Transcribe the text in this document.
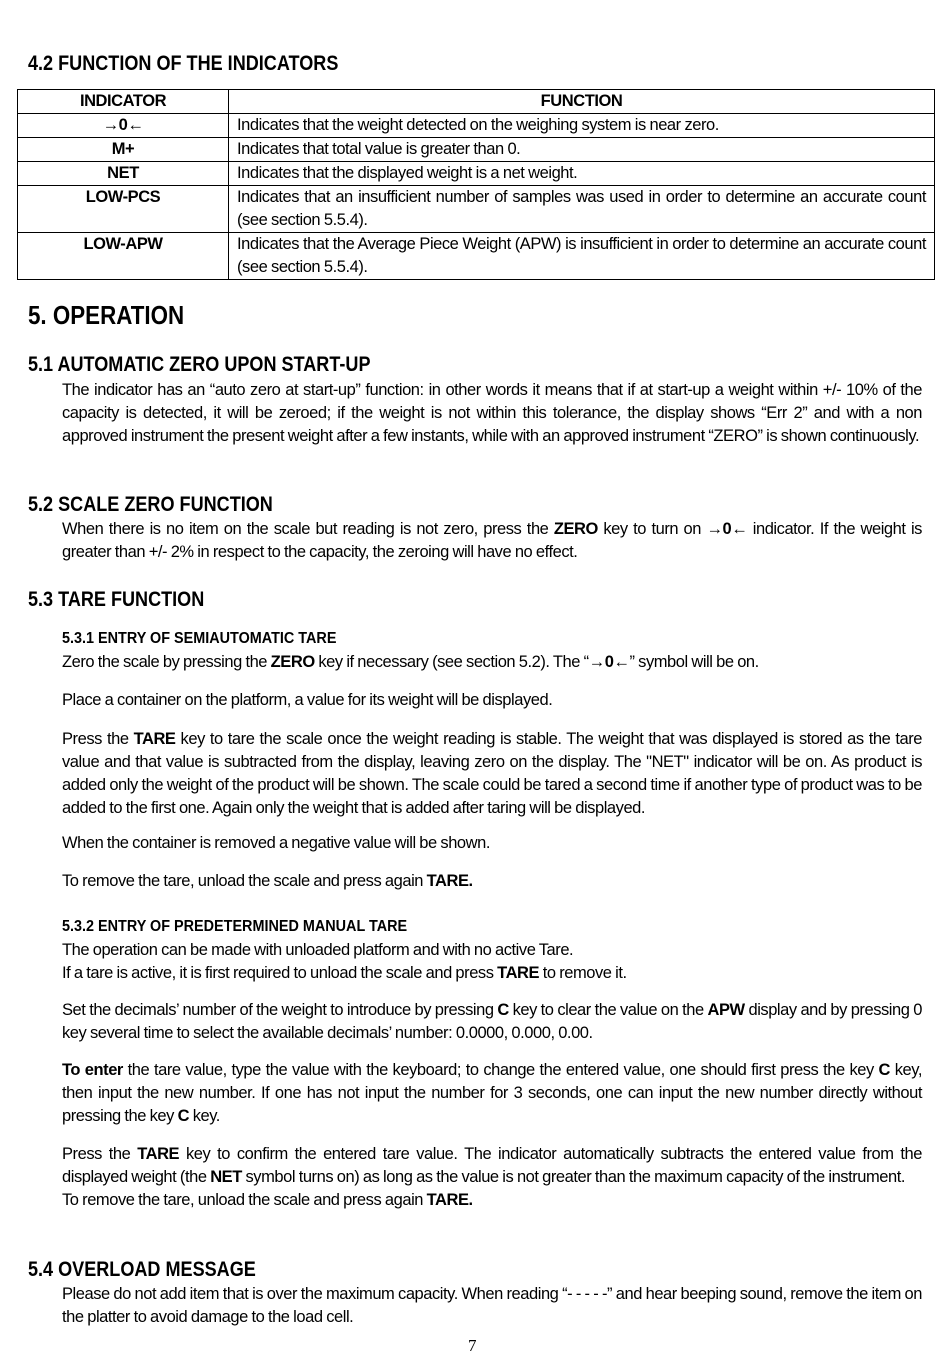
4.2 FUNCTION OF THE INDICATORS
INDICATOR	FUNCTION
→0←	Indicates that the weight detected on the weighing system is near zero.
M+	Indicates that total value is greater than 0.
NET	Indicates that the displayed weight is a net weight.
LOW-PCS	Indicates that an insufficient number of samples was used in order to determine an accurate count (see section 5.5.4).
LOW-APW	Indicates that the Average Piece Weight (APW) is insufficient in order to determine an accurate count (see section 5.5.4).
5. OPERATION
5.1 AUTOMATIC ZERO UPON START-UP
The indicator has an “auto zero at start-up” function: in other words it means that if at start-up a weight within +/- 10% of the capacity is detected, it will be zeroed; if the weight is not within this tolerance, the display shows “Err 2” and with a non approved instrument the present weight after a few instants, while with an approved instrument “ZERO” is shown continuously.
5.2 SCALE ZERO FUNCTION
When there is no item on the scale but reading is not zero, press the ZERO key to turn on →0← indicator. If the weight is greater than +/- 2% in respect to the capacity, the zeroing will have no effect.
5.3 TARE FUNCTION
5.3.1 ENTRY OF SEMIAUTOMATIC TARE
Zero the scale by pressing the ZERO key if necessary (see section 5.2). The “→0←” symbol will be on.
Place a container on the platform, a value for its weight will be displayed.
Press the TARE key to tare the scale once the weight reading is stable. The weight that was displayed is stored as the tare value and that value is subtracted from the display, leaving zero on the display. The "NET" indicator will be on. As product is added only the weight of the product will be shown. The scale could be tared a second time if another type of product was to be added to the first one. Again only the weight that is added after taring will be displayed.
When the container is removed a negative value will be shown.
To remove the tare, unload the scale and press again TARE.
5.3.2 ENTRY OF PREDETERMINED MANUAL TARE
The operation can be made with unloaded platform and with no active Tare.
If a tare is active, it is first required to unload the scale and press TARE to remove it.
Set the decimals’ number of the weight to introduce by pressing C key to clear the value on the APW display and by pressing 0 key several time to select the available decimals’ number: 0.0000, 0.000, 0.00.
To enter the tare value, type the value with the keyboard; to change the entered value, one should first press the key C key, then input the new number. If one has not input the number for 3 seconds, one can input the new number directly without pressing the key C key.
Press the TARE key to confirm the entered tare value. The indicator automatically subtracts the entered value from the displayed weight (the NET symbol turns on) as long as the value is not greater than the maximum capacity of the instrument.
To remove the tare, unload the scale and press again TARE.
5.4 OVERLOAD MESSAGE
Please do not add item that is over the maximum capacity. When reading “- - - - -” and hear beeping sound, remove the item on the platter to avoid damage to the load cell.
7
